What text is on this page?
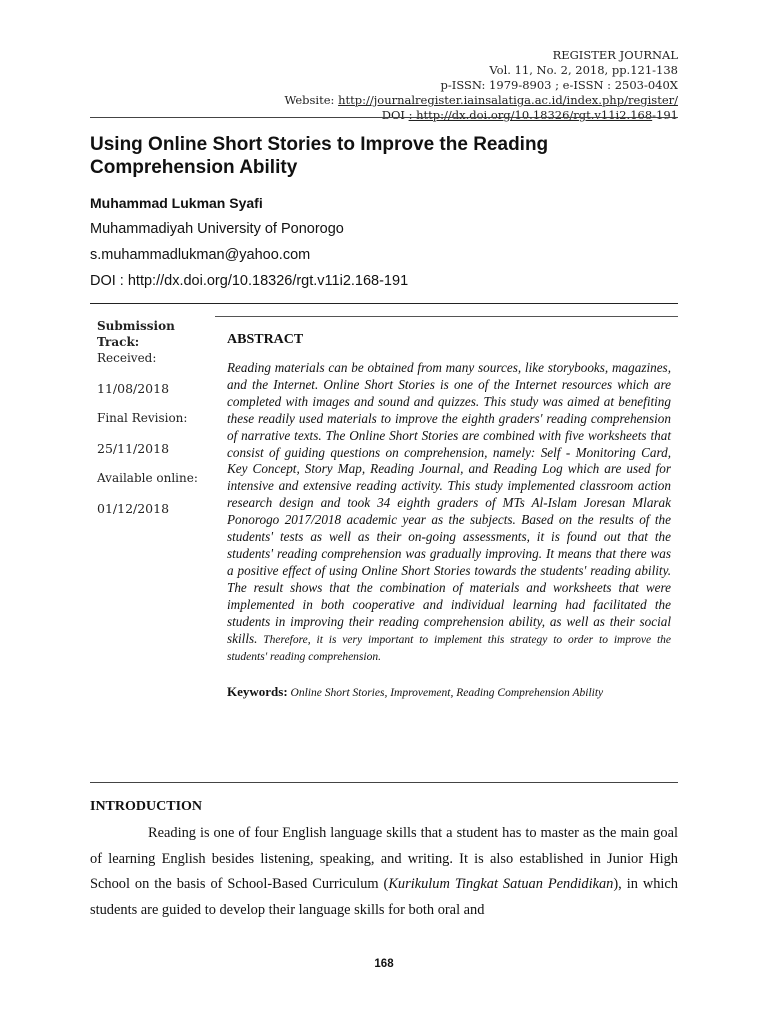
REGISTER JOURNAL
Vol. 11, No. 2, 2018, pp.121-138
p-ISSN: 1979-8903 ; e-ISSN : 2503-040X
Website: http://journalregister.iainsalatiga.ac.id/index.php/register/
DOI : http://dx.doi.org/10.18326/rgt.v11i2.168-191
Using Online Short Stories to Improve the Reading Comprehension Ability
Muhammad Lukman Syafi
Muhammadiyah University of Ponorogo
s.muhammadlukman@yahoo.com
DOI : http://dx.doi.org/10.18326/rgt.v11i2.168-191
Submission Track:
Received:
11/08/2018
Final Revision:
25/11/2018
Available online:
01/12/2018
ABSTRACT

Reading materials can be obtained from many sources, like storybooks, magazines, and the Internet. Online Short Stories is one of the Internet resources which are completed with images and sound and quizzes. This study was aimed at benefiting these readily used materials to improve the eighth graders' reading comprehension of narrative texts. The Online Short Stories are combined with five worksheets that consist of guiding questions on comprehension, namely: Self - Monitoring Card, Key Concept, Story Map, Reading Journal, and Reading Log which are used for intensive and extensive reading activity. This study implemented classroom action research design and took 34 eighth graders of MTs Al-Islam Joresan Mlarak Ponorogo 2017/2018 academic year as the subjects. Based on the results of the students' tests as well as their on-going assessments, it is found out that the students' reading comprehension was gradually improving. It means that there was a positive effect of using Online Short Stories towards the students' reading ability. The result shows that the combination of materials and worksheets that were implemented in both cooperative and individual learning had facilitated the students in improving their reading comprehension ability, as well as their social skills. Therefore, it is very important to implement this strategy to order to improve the students' reading comprehension.

Keywords: Online Short Stories, Improvement, Reading Comprehension Ability
INTRODUCTION

Reading is one of four English language skills that a student has to master as the main goal of learning English besides listening, speaking, and writing. It is also established in Junior High School on the basis of School-Based Curriculum (Kurikulum Tingkat Satuan Pendidikan), in which students are guided to develop their language skills for both oral and

168
